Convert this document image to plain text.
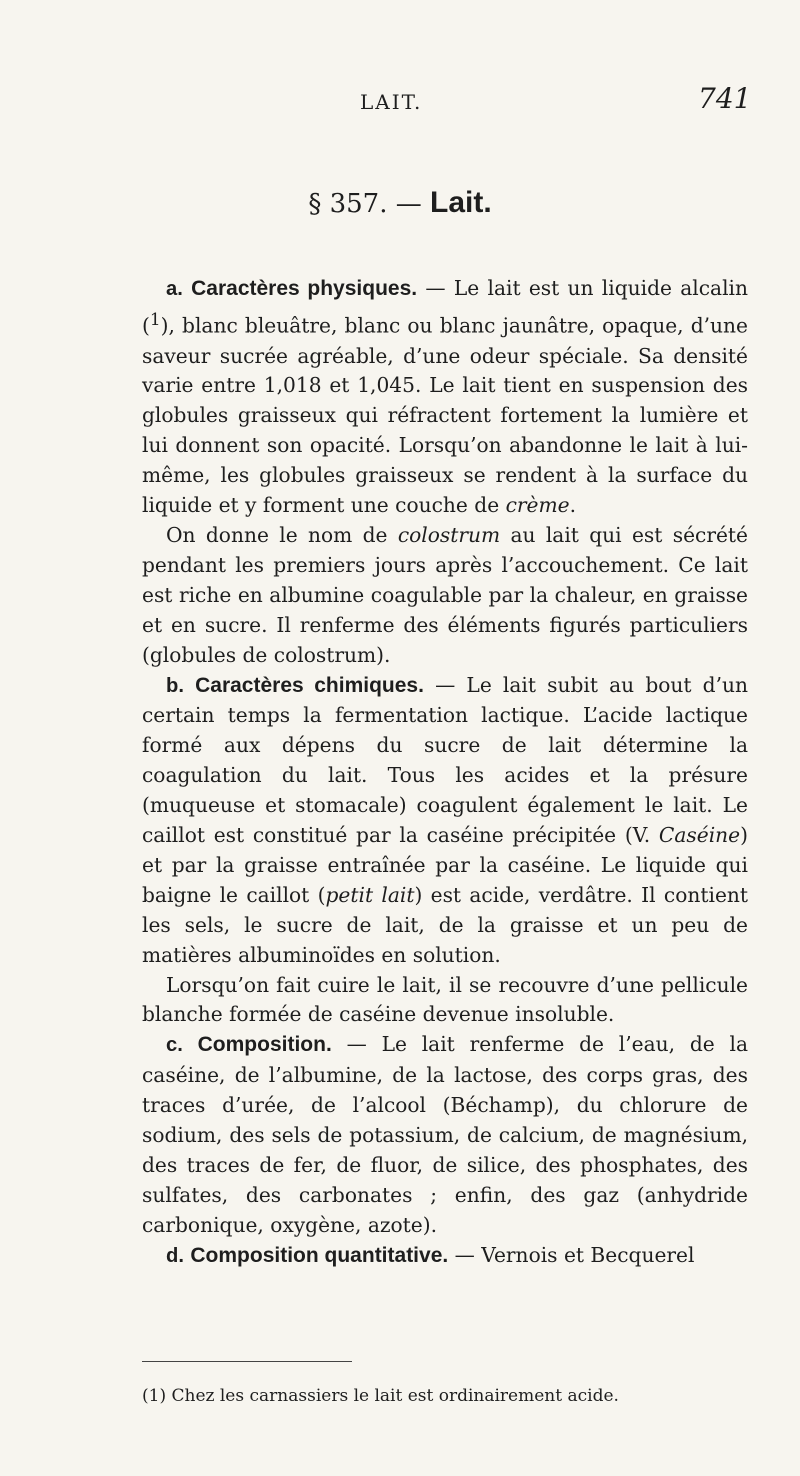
LAIT.	741
§ 357. — Lait.

a. Caractères physiques. — Le lait est un liquide alcalin ($^1$), blanc bleuâtre, blanc ou blanc jaunâtre, opaque, d’une saveur sucrée agréable, d’une odeur spéciale. Sa densité varie entre 1,018 et 1,045. Le lait tient en suspension des globules graisseux qui réfractent fortement la lumière et lui donnent son opacité. Lorsqu’on abandonne le lait à lui-même, les globules graisseux se rendent à la surface du liquide et y forment une couche de crème.

On donne le nom de colostrum au lait qui est sécrété pendant les premiers jours après l’accouchement. Ce lait est riche en albumine coagulable par la chaleur, en graisse et en sucre. Il renferme des éléments figurés particuliers (globules de colostrum).

b. Caractères chimiques. — Le lait subit au bout d’un certain temps la fermentation lactique. L’acide lactique formé aux dépens du sucre de lait détermine la coagulation du lait. Tous les acides et la présure (muqueuse et stomacale) coagulent également le lait. Le caillot est constitué par la caséine précipitée (V. Caséine) et par la graisse entraînée par la caséine. Le liquide qui baigne le caillot (petit lait) est acide, verdâtre. Il contient les sels, le sucre de lait, de la graisse et un peu de matières albuminoïdes en solution.

Lorsqu’on fait cuire le lait, il se recouvre d’une pellicule blanche formée de caséine devenue insoluble.

c. Composition. — Le lait renferme de l’eau, de la caséine, de l’albumine, de la lactose, des corps gras, des traces d’urée, de l’alcool (Béchamp), du chlorure de sodium, des sels de potassium, de calcium, de magnésium, des traces de fer, de fluor, de silice, des phosphates, des sulfates, des carbonates ; enfin, des gaz (anhydride carbonique, oxygène, azote).

d. Composition quantitative. — Vernois et Becquerel

(1) Chez les carnassiers le lait est ordinairement acide.
